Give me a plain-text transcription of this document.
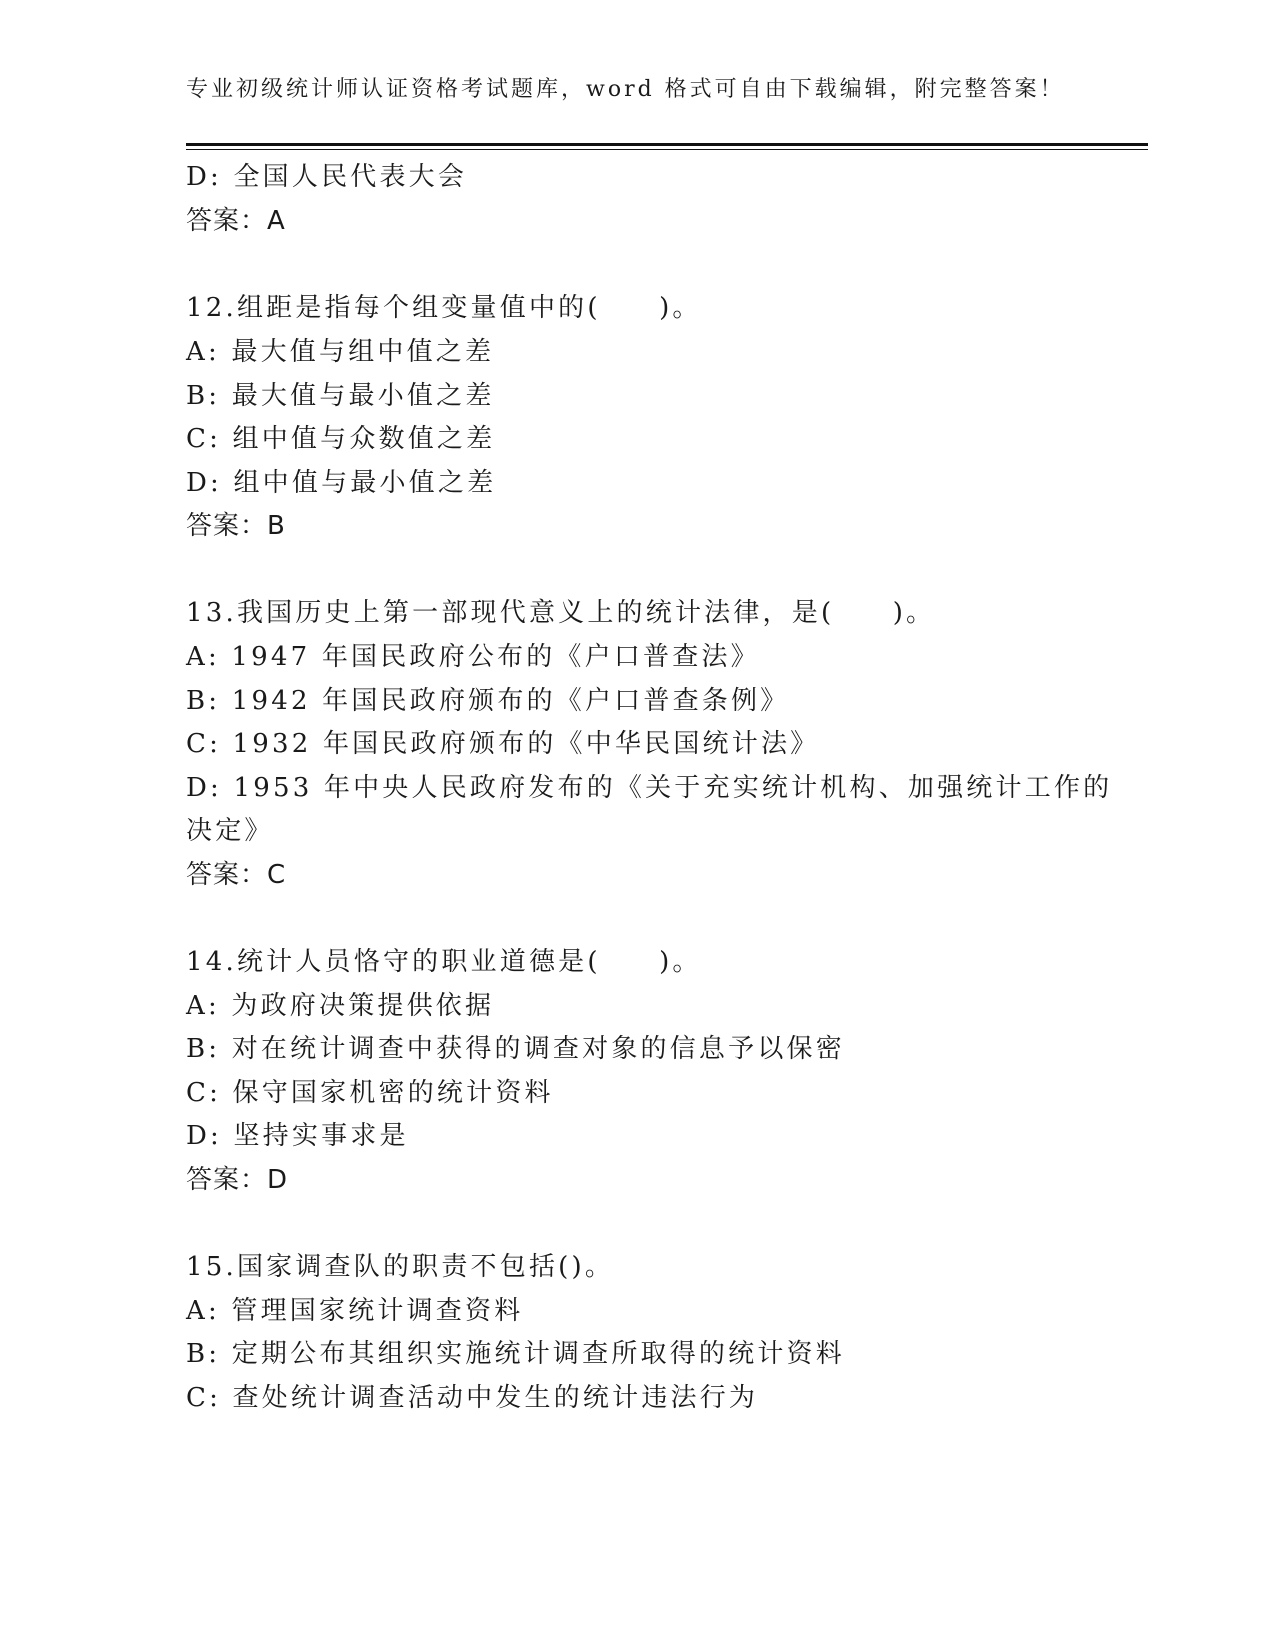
专业初级统计师认证资格考试题库，word 格式可自由下载编辑，附完整答案！
D: 全国人民代表大会
答案：A
12.组距是指每个组变量值中的(　　)。
A: 最大值与组中值之差
B: 最大值与最小值之差
C: 组中值与众数值之差
D: 组中值与最小值之差
答案：B
13.我国历史上第一部现代意义上的统计法律，是(　　)。
A: 1947 年国民政府公布的《户口普查法》
B: 1942 年国民政府颁布的《户口普查条例》
C: 1932 年国民政府颁布的《中华民国统计法》
D: 1953 年中央人民政府发布的《关于充实统计机构、加强统计工作的
决定》
答案：C
14.统计人员恪守的职业道德是(　　)。
A: 为政府决策提供依据
B: 对在统计调查中获得的调查对象的信息予以保密
C: 保守国家机密的统计资料
D: 坚持实事求是
答案：D
15.国家调查队的职责不包括()。
A: 管理国家统计调查资料
B: 定期公布其组织实施统计调查所取得的统计资料
C: 查处统计调查活动中发生的统计违法行为
